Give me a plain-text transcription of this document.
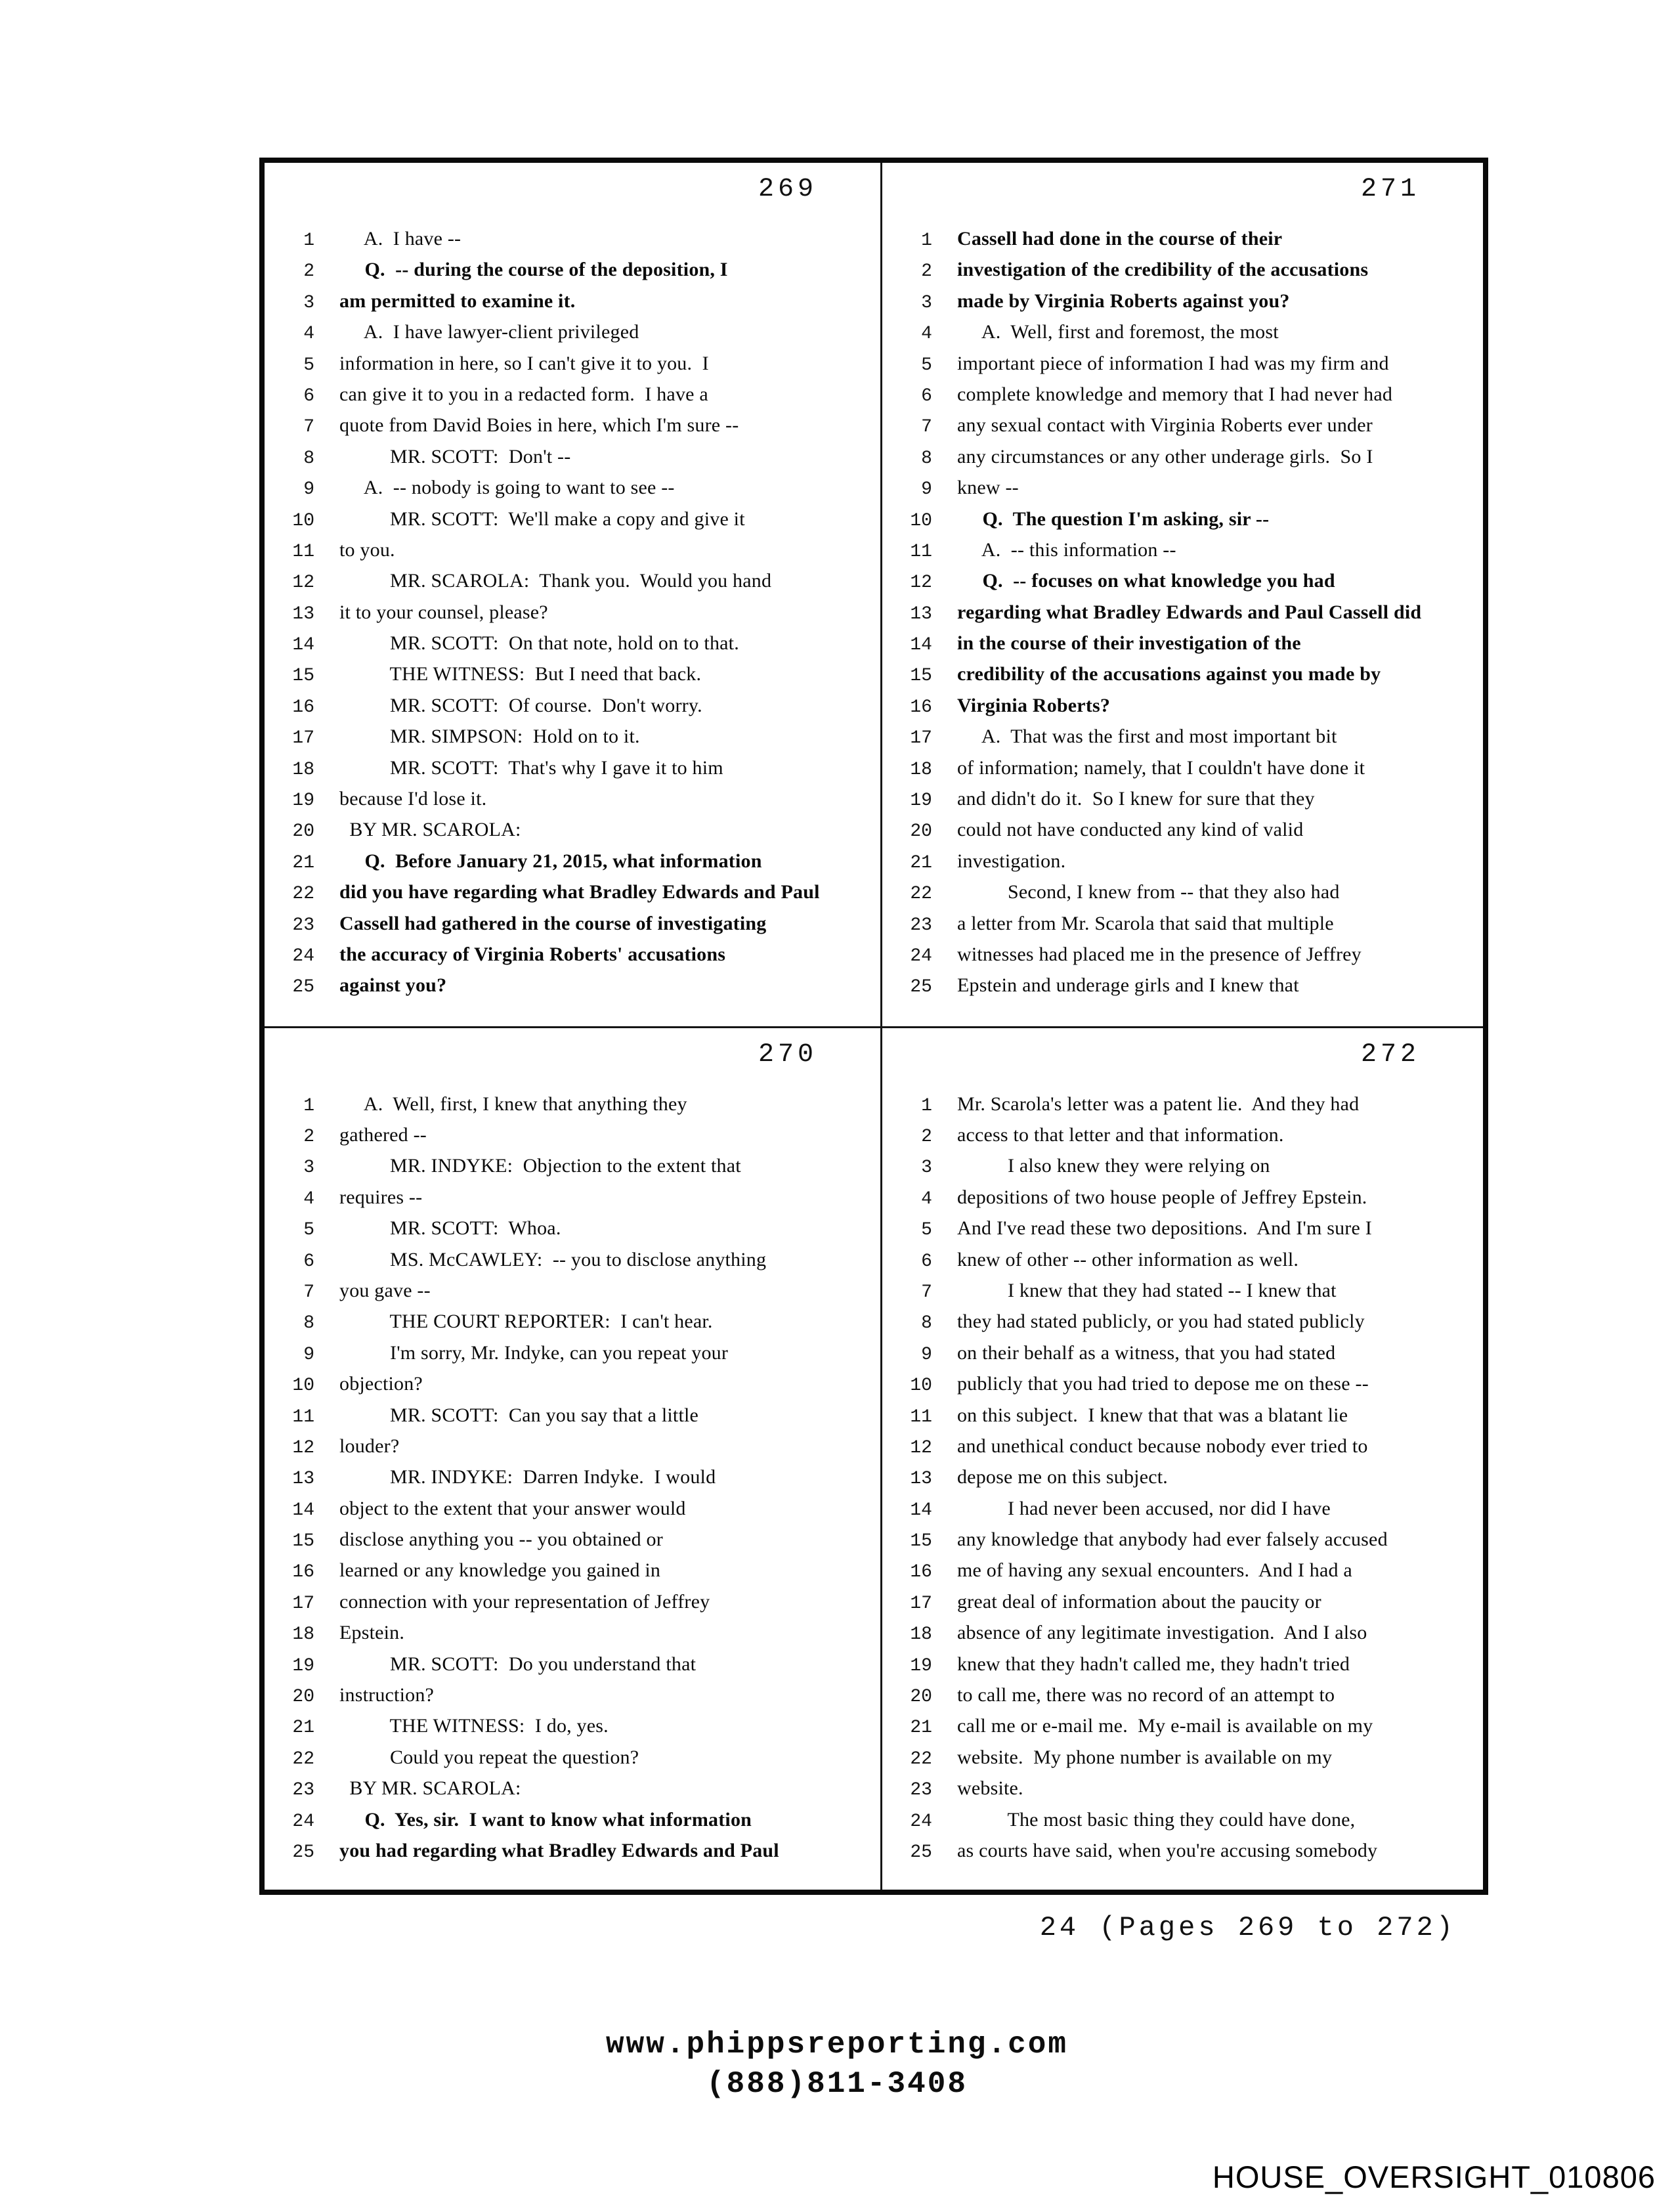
269
1 A.  I have --
2 Q.  -- during the course of the deposition, I
3 am permitted to examine it.
4 A.  I have lawyer-client privileged
5 information in here, so I can't give it to you.  I
6 can give it to you in a redacted form.  I have a
7 quote from David Boies in here, which I'm sure --
8 MR. SCOTT:  Don't --
9 A.  -- nobody is going to want to see --
10 MR. SCOTT:  We'll make a copy and give it
11 to you.
12 MR. SCAROLA:  Thank you.  Would you hand
13 it to your counsel, please?
14 MR. SCOTT:  On that note, hold on to that.
15 THE WITNESS:  But I need that back.
16 MR. SCOTT:  Of course.  Don't worry.
17 MR. SIMPSON:  Hold on to it.
18 MR. SCOTT:  That's why I gave it to him
19 because I'd lose it.
20 BY MR. SCAROLA:
21 Q.  Before January 21, 2015, what information
22 did you have regarding what Bradley Edwards and Paul
23 Cassell had gathered in the course of investigating
24 the accuracy of Virginia Roberts' accusations
25 against you?
271
1 Cassell had done in the course of their
2 investigation of the credibility of the accusations
3 made by Virginia Roberts against you?
4 A.  Well, first and foremost, the most
5 important piece of information I had was my firm and
6 complete knowledge and memory that I had never had
7 any sexual contact with Virginia Roberts ever under
8 any circumstances or any other underage girls.  So I
9 knew --
10 Q.  The question I'm asking, sir --
11 A.  -- this information --
12 Q.  -- focuses on what knowledge you had
13 regarding what Bradley Edwards and Paul Cassell did
14 in the course of their investigation of the
15 credibility of the accusations against you made by
16 Virginia Roberts?
17 A.  That was the first and most important bit
18 of information; namely, that I couldn't have done it
19 and didn't do it.  So I knew for sure that they
20 could not have conducted any kind of valid
21 investigation.
22 Second, I knew from -- that they also had
23 a letter from Mr. Scarola that said that multiple
24 witnesses had placed me in the presence of Jeffrey
25 Epstein and underage girls and I knew that
270
1 A.  Well, first, I knew that anything they
2 gathered --
3 MR. INDYKE:  Objection to the extent that
4 requires --
5 MR. SCOTT:  Whoa.
6 MS. McCAWLEY:  -- you to disclose anything
7 you gave --
8 THE COURT REPORTER:  I can't hear.
9 I'm sorry, Mr. Indyke, can you repeat your
10 objection?
11 MR. SCOTT:  Can you say that a little
12 louder?
13 MR. INDYKE:  Darren Indyke.  I would
14 object to the extent that your answer would
15 disclose anything you -- you obtained or
16 learned or any knowledge you gained in
17 connection with your representation of Jeffrey
18 Epstein.
19 MR. SCOTT:  Do you understand that
20 instruction?
21 THE WITNESS:  I do, yes.
22 Could you repeat the question?
23 BY MR. SCAROLA:
24 Q.  Yes, sir.  I want to know what information
25 you had regarding what Bradley Edwards and Paul
272
1 Mr. Scarola's letter was a patent lie.  And they had
2 access to that letter and that information.
3 I also knew they were relying on
4 depositions of two house people of Jeffrey Epstein.
5 And I've read these two depositions.  And I'm sure I
6 knew of other -- other information as well.
7 I knew that they had stated -- I knew that
8 they had stated publicly, or you had stated publicly
9 on their behalf as a witness, that you had stated
10 publicly that you had tried to depose me on these --
11 on this subject.  I knew that that was a blatant lie
12 and unethical conduct because nobody ever tried to
13 depose me on this subject.
14 I had never been accused, nor did I have
15 any knowledge that anybody had ever falsely accused
16 me of having any sexual encounters.  And I had a
17 great deal of information about the paucity or
18 absence of any legitimate investigation.  And I also
19 knew that they hadn't called me, they hadn't tried
20 to call me, there was no record of an attempt to
21 call me or e-mail me.  My e-mail is available on my
22 website.  My phone number is available on my
23 website.
24 The most basic thing they could have done,
25 as courts have said, when you're accusing somebody
24 (Pages 269 to 272)
www.phippsreporting.com
(888)811-3408
HOUSE_OVERSIGHT_010806
